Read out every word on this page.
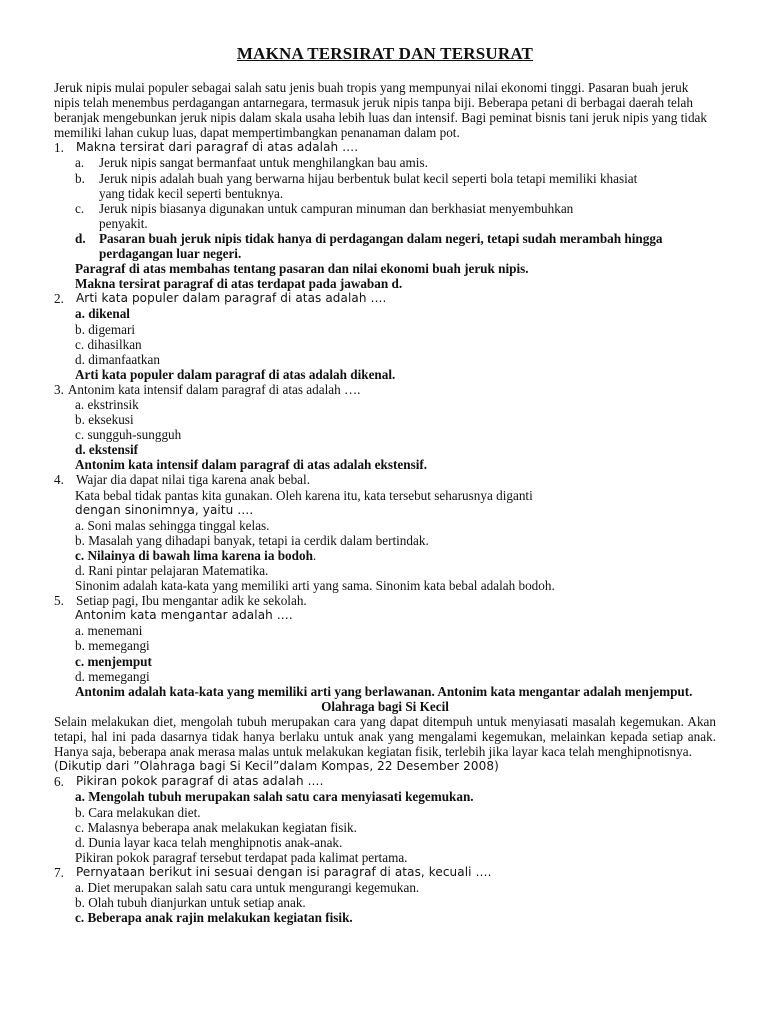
MAKNA TERSIRAT DAN TERSURAT

Jeruk nipis mulai populer sebagai salah satu jenis buah tropis yang mempunyai nilai ekonomi tinggi. Pasaran buah jeruk nipis telah menembus perdagangan antarnegara, termasuk jeruk nipis tanpa biji. Beberapa petani di berbagai daerah telah beranjak mengebunkan jeruk nipis dalam skala usaha lebih luas dan intensif. Bagi peminat bisnis tani jeruk nipis yang tidak memiliki lahan cukup luas, dapat mempertimbangkan penanaman dalam pot.

1.	Makna tersirat dari paragraf di atas adalah ….
a.	Jeruk nipis sangat bermanfaat untuk menghilangkan bau amis.
b.	Jeruk nipis adalah buah yang berwarna hijau berbentuk bulat kecil seperti bola tetapi memiliki khasiat yang tidak kecil seperti bentuknya.
c.	Jeruk nipis biasanya digunakan untuk campuran minuman dan berkhasiat menyembuhkan penyakit.
d.	Pasaran buah jeruk nipis tidak hanya di perdagangan dalam negeri, tetapi sudah merambah hingga perdagangan luar negeri.
Paragraf di atas membahas tentang pasaran dan nilai ekonomi buah jeruk nipis.
Makna tersirat paragraf di atas terdapat pada jawaban d.
2.	Arti kata populer dalam paragraf di atas adalah ….
a. dikenal
b. digemari
c. dihasilkan
d. dimanfaatkan
Arti kata populer dalam paragraf di atas adalah dikenal.
3. Antonim kata intensif dalam paragraf di atas adalah ….
a. ekstrinsik
b. eksekusi
c. sungguh-sungguh
d. ekstensif
Antonim kata intensif dalam paragraf di atas adalah ekstensif.
4. Wajar dia dapat nilai tiga karena anak bebal.
Kata bebal tidak pantas kita gunakan. Oleh karena itu, kata tersebut seharusnya diganti
dengan sinonimnya, yaitu ….
a. Soni malas sehingga tinggal kelas.
b. Masalah yang dihadapi banyak, tetapi ia cerdik dalam bertindak.
c. Nilainya di bawah lima karena ia bodoh.
d. Rani pintar pelajaran Matematika.
Sinonim adalah kata-kata yang memiliki arti yang sama. Sinonim kata bebal adalah bodoh.
5. Setiap pagi, Ibu mengantar adik ke sekolah.
Antonim kata mengantar adalah ….
a. menemani
b. memegangi
c. menjemput
d. memegangi
Antonim adalah kata-kata yang memiliki arti yang berlawanan. Antonim kata mengantar adalah menjemput.
Olahraga bagi Si Kecil

Selain melakukan diet, mengolah tubuh merupakan cara yang dapat ditempuh untuk menyiasati masalah kegemukan. Akan tetapi, hal ini pada dasarnya tidak hanya berlaku untuk anak yang mengalami kegemukan, melainkan kepada setiap anak. Hanya saja, beberapa anak merasa malas untuk melakukan kegiatan fisik, terlebih jika layar kaca telah menghipnotisnya.

(Dikutip dari ”Olahraga bagi Si Kecil”dalam Kompas, 22 Desember 2008)
6.	Pikiran pokok paragraf di atas adalah ….
a. Mengolah tubuh merupakan salah satu cara menyiasati kegemukan.
b. Cara melakukan diet.
c. Malasnya beberapa anak melakukan kegiatan fisik.
d. Dunia layar kaca telah menghipnotis anak-anak.
Pikiran pokok paragraf tersebut terdapat pada kalimat pertama.
7.	Pernyataan berikut ini sesuai dengan isi paragraf di atas, kecuali ….
a. Diet merupakan salah satu cara untuk mengurangi kegemukan.
b. Olah tubuh dianjurkan untuk setiap anak.
c. Beberapa anak rajin melakukan kegiatan fisik.
